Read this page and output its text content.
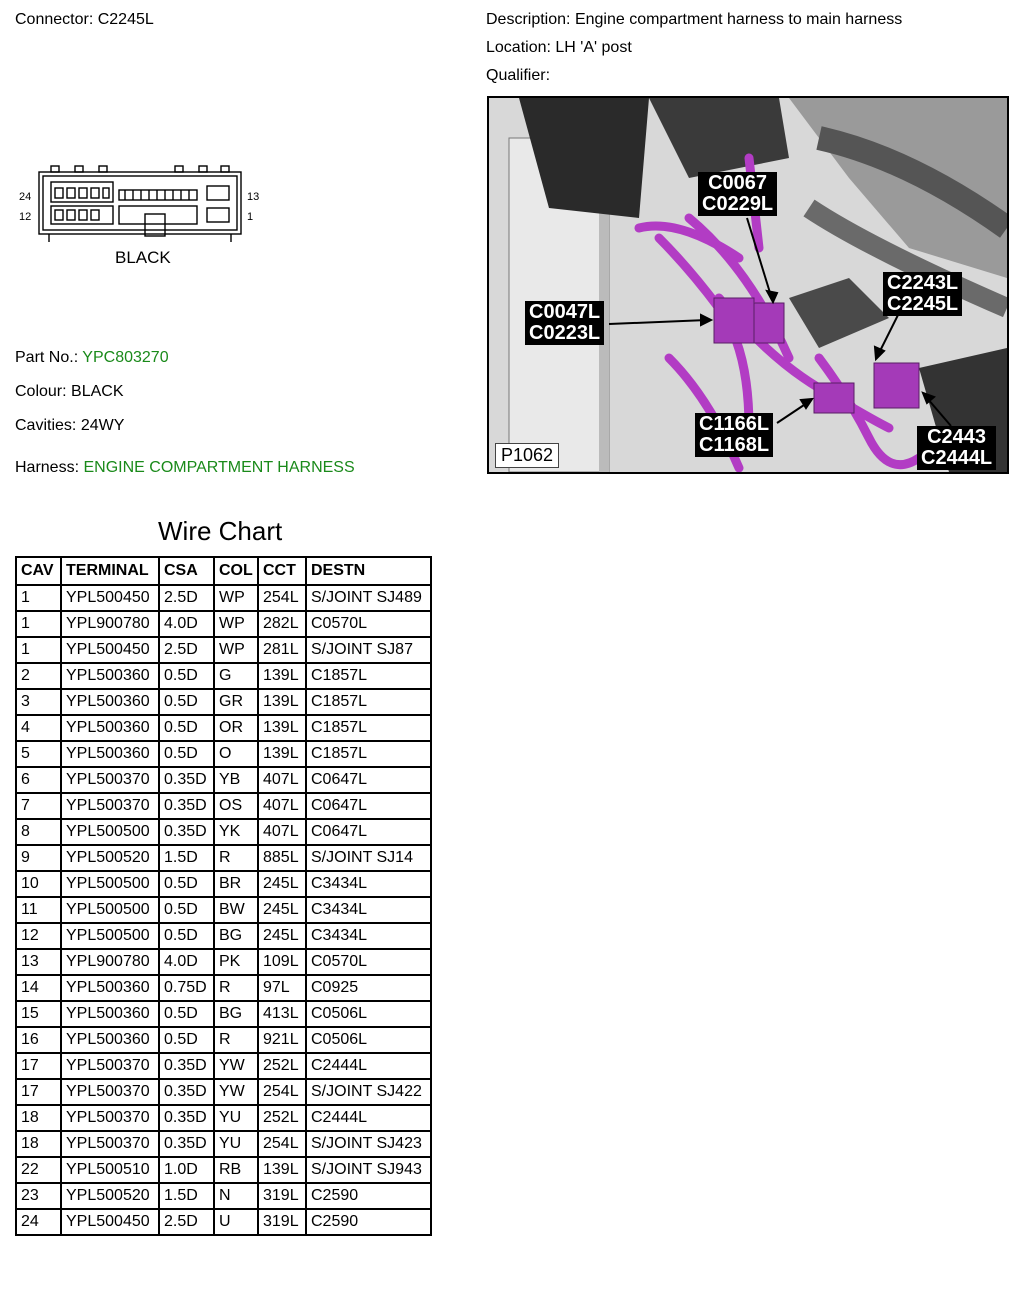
Connector: C2245L	Description: Engine compartment harness to main harness
Location: LH 'A' post
Qualifier:
24
12
13
1
BLACK
Part No.: YPC803270
Colour: BLACK
Cavities: 24WY
Harness: ENGINE COMPARTMENT HARNESS
C0067
C0229L
C0047L
C0223L
C2243L
C2245L
C1166L
C1168L	C2443
C2444L
P1062
Wire Chart
CAV	TERMINAL	CSA	COL	CCT	DESTN
1	YPL500450	2.5D	WP	254L	S/JOINT SJ489
1	YPL900780	4.0D	WP	282L	C0570L
1	YPL500450	2.5D	WP	281L	S/JOINT SJ87
2	YPL500360	0.5D	G	139L	C1857L
3	YPL500360	0.5D	GR	139L	C1857L
4	YPL500360	0.5D	OR	139L	C1857L
5	YPL500360	0.5D	O	139L	C1857L
6	YPL500370	0.35D	YB	407L	C0647L
7	YPL500370	0.35D	OS	407L	C0647L
8	YPL500500	0.35D	YK	407L	C0647L
9	YPL500520	1.5D	R	885L	S/JOINT SJ14
10	YPL500500	0.5D	BR	245L	C3434L
11	YPL500500	0.5D	BW	245L	C3434L
12	YPL500500	0.5D	BG	245L	C3434L
13	YPL900780	4.0D	PK	109L	C0570L
14	YPL500360	0.75D	R	97L	C0925
15	YPL500360	0.5D	BG	413L	C0506L
16	YPL500360	0.5D	R	921L	C0506L
17	YPL500370	0.35D	YW	252L	C2444L
17	YPL500370	0.35D	YW	254L	S/JOINT SJ422
18	YPL500370	0.35D	YU	252L	C2444L
18	YPL500370	0.35D	YU	254L	S/JOINT SJ423
22	YPL500510	1.0D	RB	139L	S/JOINT SJ943
23	YPL500520	1.5D	N	319L	C2590
24	YPL500450	2.5D	U	319L	C2590
